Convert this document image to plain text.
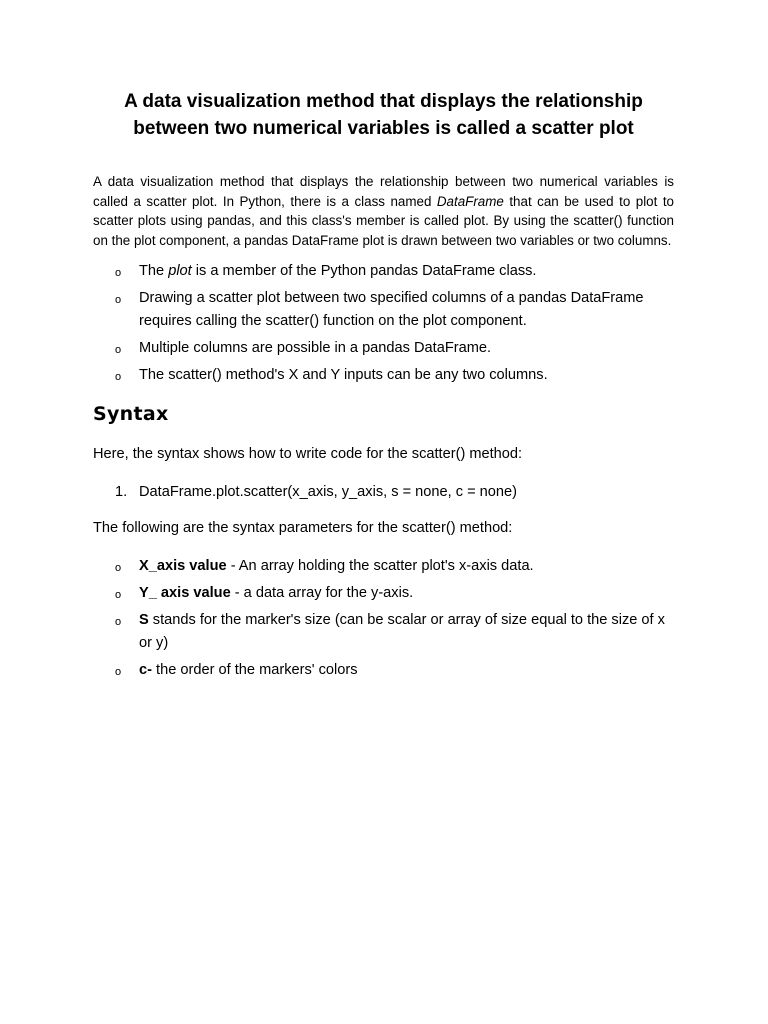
A data visualization method that displays the relationship between two numerical variables is called a scatter plot

A data visualization method that displays the relationship between two numerical variables is called a scatter plot. In Python, there is a class named DataFrame that can be used to plot to scatter plots using pandas, and this class's member is called plot. By using the scatter() function on the plot component, a pandas DataFrame plot is drawn between two variables or two columns.

o The plot is a member of the Python pandas DataFrame class.
o Drawing a scatter plot between two specified columns of a pandas DataFrame requires calling the scatter() function on the plot component.
o Multiple columns are possible in a pandas DataFrame.
o The scatter() method's X and Y inputs can be any two columns.
Syntax

Here, the syntax shows how to write code for the scatter() method:

1. DataFrame.plot.scatter(x_axis, y_axis, s = none, c = none)

The following are the syntax parameters for the scatter() method:

o X_axis value - An array holding the scatter plot's x-axis data.
o Y_ axis value - a data array for the y-axis.
o S stands for the marker's size (can be scalar or array of size equal to the size of x or y)
o c- the order of the markers' colors
